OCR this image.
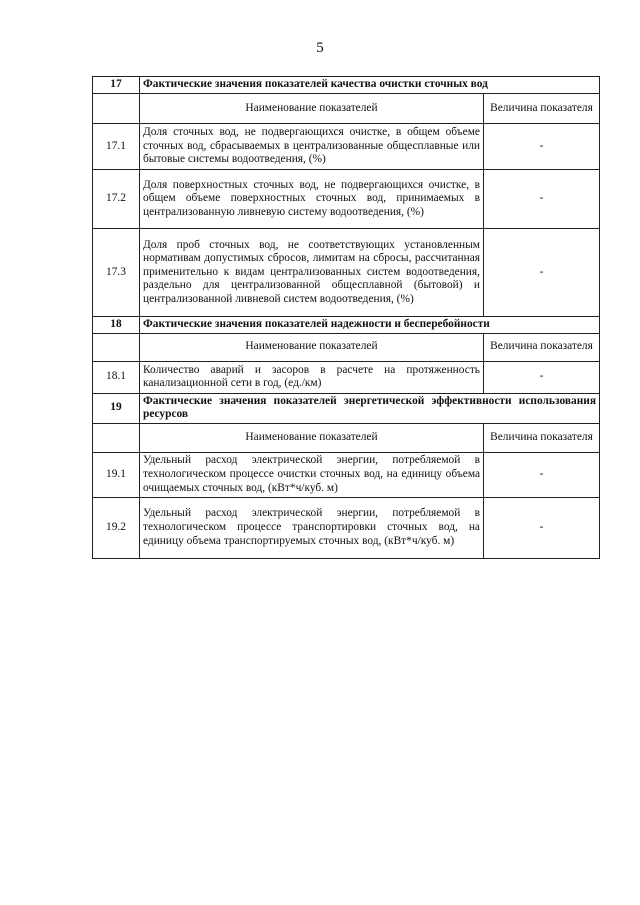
5
17	Фактические значения показателей качества очистки сточных вод	
	Наименование показателей	Величина показателя
17.1	Доля сточных вод, не подвергающихся очистке, в общем объеме сточных вод, сбрасываемых в централизованные общесплавные или бытовые системы водоотведения, (%)	-
17.2	Доля поверхностных сточных вод, не подвергающихся очистке, в общем объеме поверхностных сточных вод, принимаемых в централизованную ливневую систему водоотведения, (%)	-
17.3	Доля проб сточных вод, не соответствующих установленным нормативам допустимых сбросов, лимитам на сбросы, рассчитанная применительно к видам централизованных систем водоотведения, раздельно для централизованной общесплавной (бытовой) и централизованной ливневой систем водоотведения, (%)	-
18	Фактические значения показателей надежности и бесперебойности	
	Наименование показателей	Величина показателя
18.1	Количество аварий и засоров в расчете на протяженность канализационной сети в год, (ед./км)	-
19	Фактические значения показателей энергетической эффективности использования ресурсов	
	Наименование показателей	Величина показателя
19.1	Удельный расход электрической энергии, потребляемой в технологическом процессе очистки сточных вод, на единицу объема очищаемых сточных вод, (кВт*ч/куб. м)	-
19.2	Удельный расход электрической энергии, потребляемой в технологическом процессе транспортировки сточных вод, на единицу объема транспортируемых сточных вод, (кВт*ч/куб. м)	-
